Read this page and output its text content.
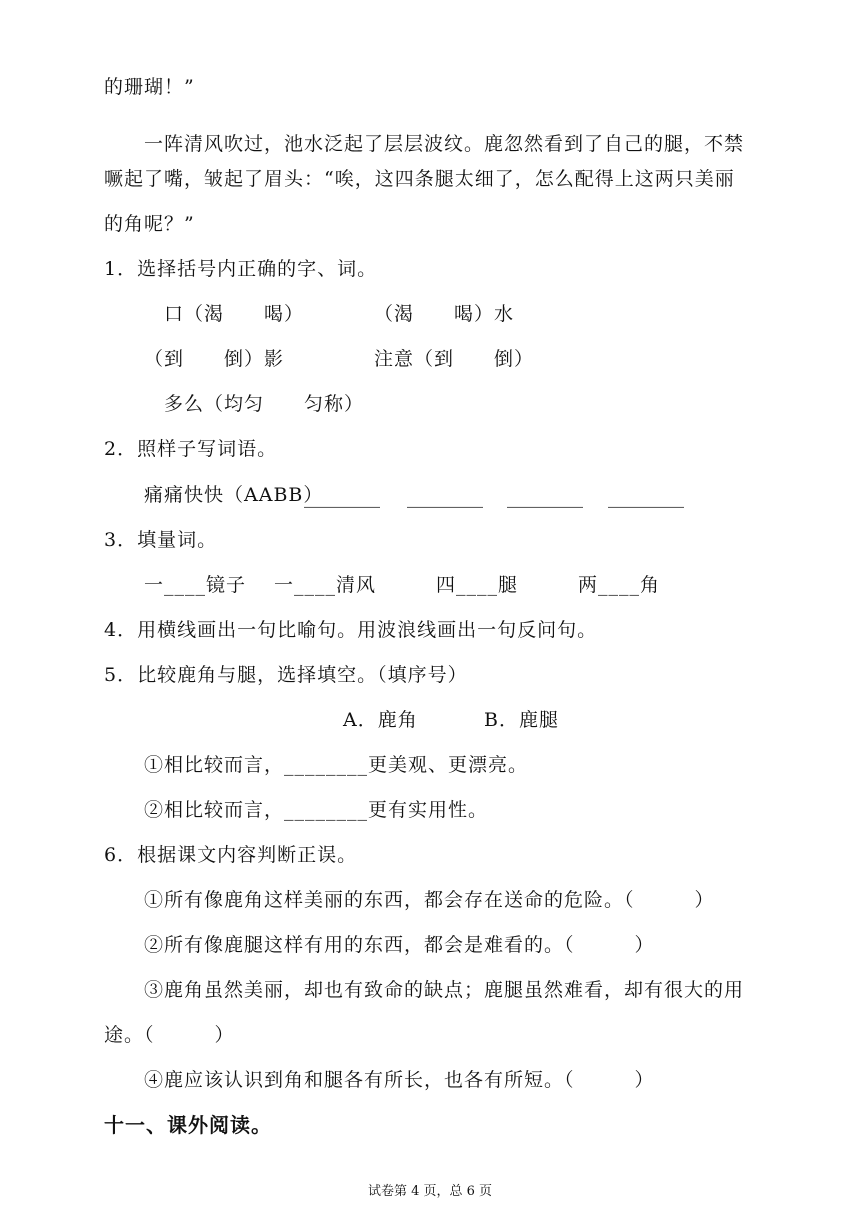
的珊瑚！”
一阵清风吹过，池水泛起了层层波纹。鹿忽然看到了自己的腿，不禁
噘起了嘴，皱起了眉头：“唉，这四条腿太细了，怎么配得上这两只美丽
的角呢？”
1．选择括号内正确的字、词。
口（渴　　喝）	（渴　　喝）水
（到　　倒）影	注意（到　　倒）
多么（均匀　　匀称）
2．照样子写词语。
痛痛快快（AABB）
________ ________ ________ ________
3．填量词。
一____镜子 一____清风	四____腿	两____角
4．用横线画出一句比喻句。用波浪线画出一句反问句。
5．比较鹿角与腿，选择填空。（填序号）
A．鹿角	B．鹿腿
①相比较而言，________更美观、更漂亮。
②相比较而言，________更有实用性。
6．根据课文内容判断正误。
①所有像鹿角这样美丽的东西，都会存在送命的危险。（　　　）
②所有像鹿腿这样有用的东西，都会是难看的。（　　　）
③鹿角虽然美丽，却也有致命的缺点；鹿腿虽然难看，却有很大的用
途。（　　　）
④鹿应该认识到角和腿各有所长，也各有所短。（　　　）
十一、课外阅读。
试卷第 4 页，总 6 页
